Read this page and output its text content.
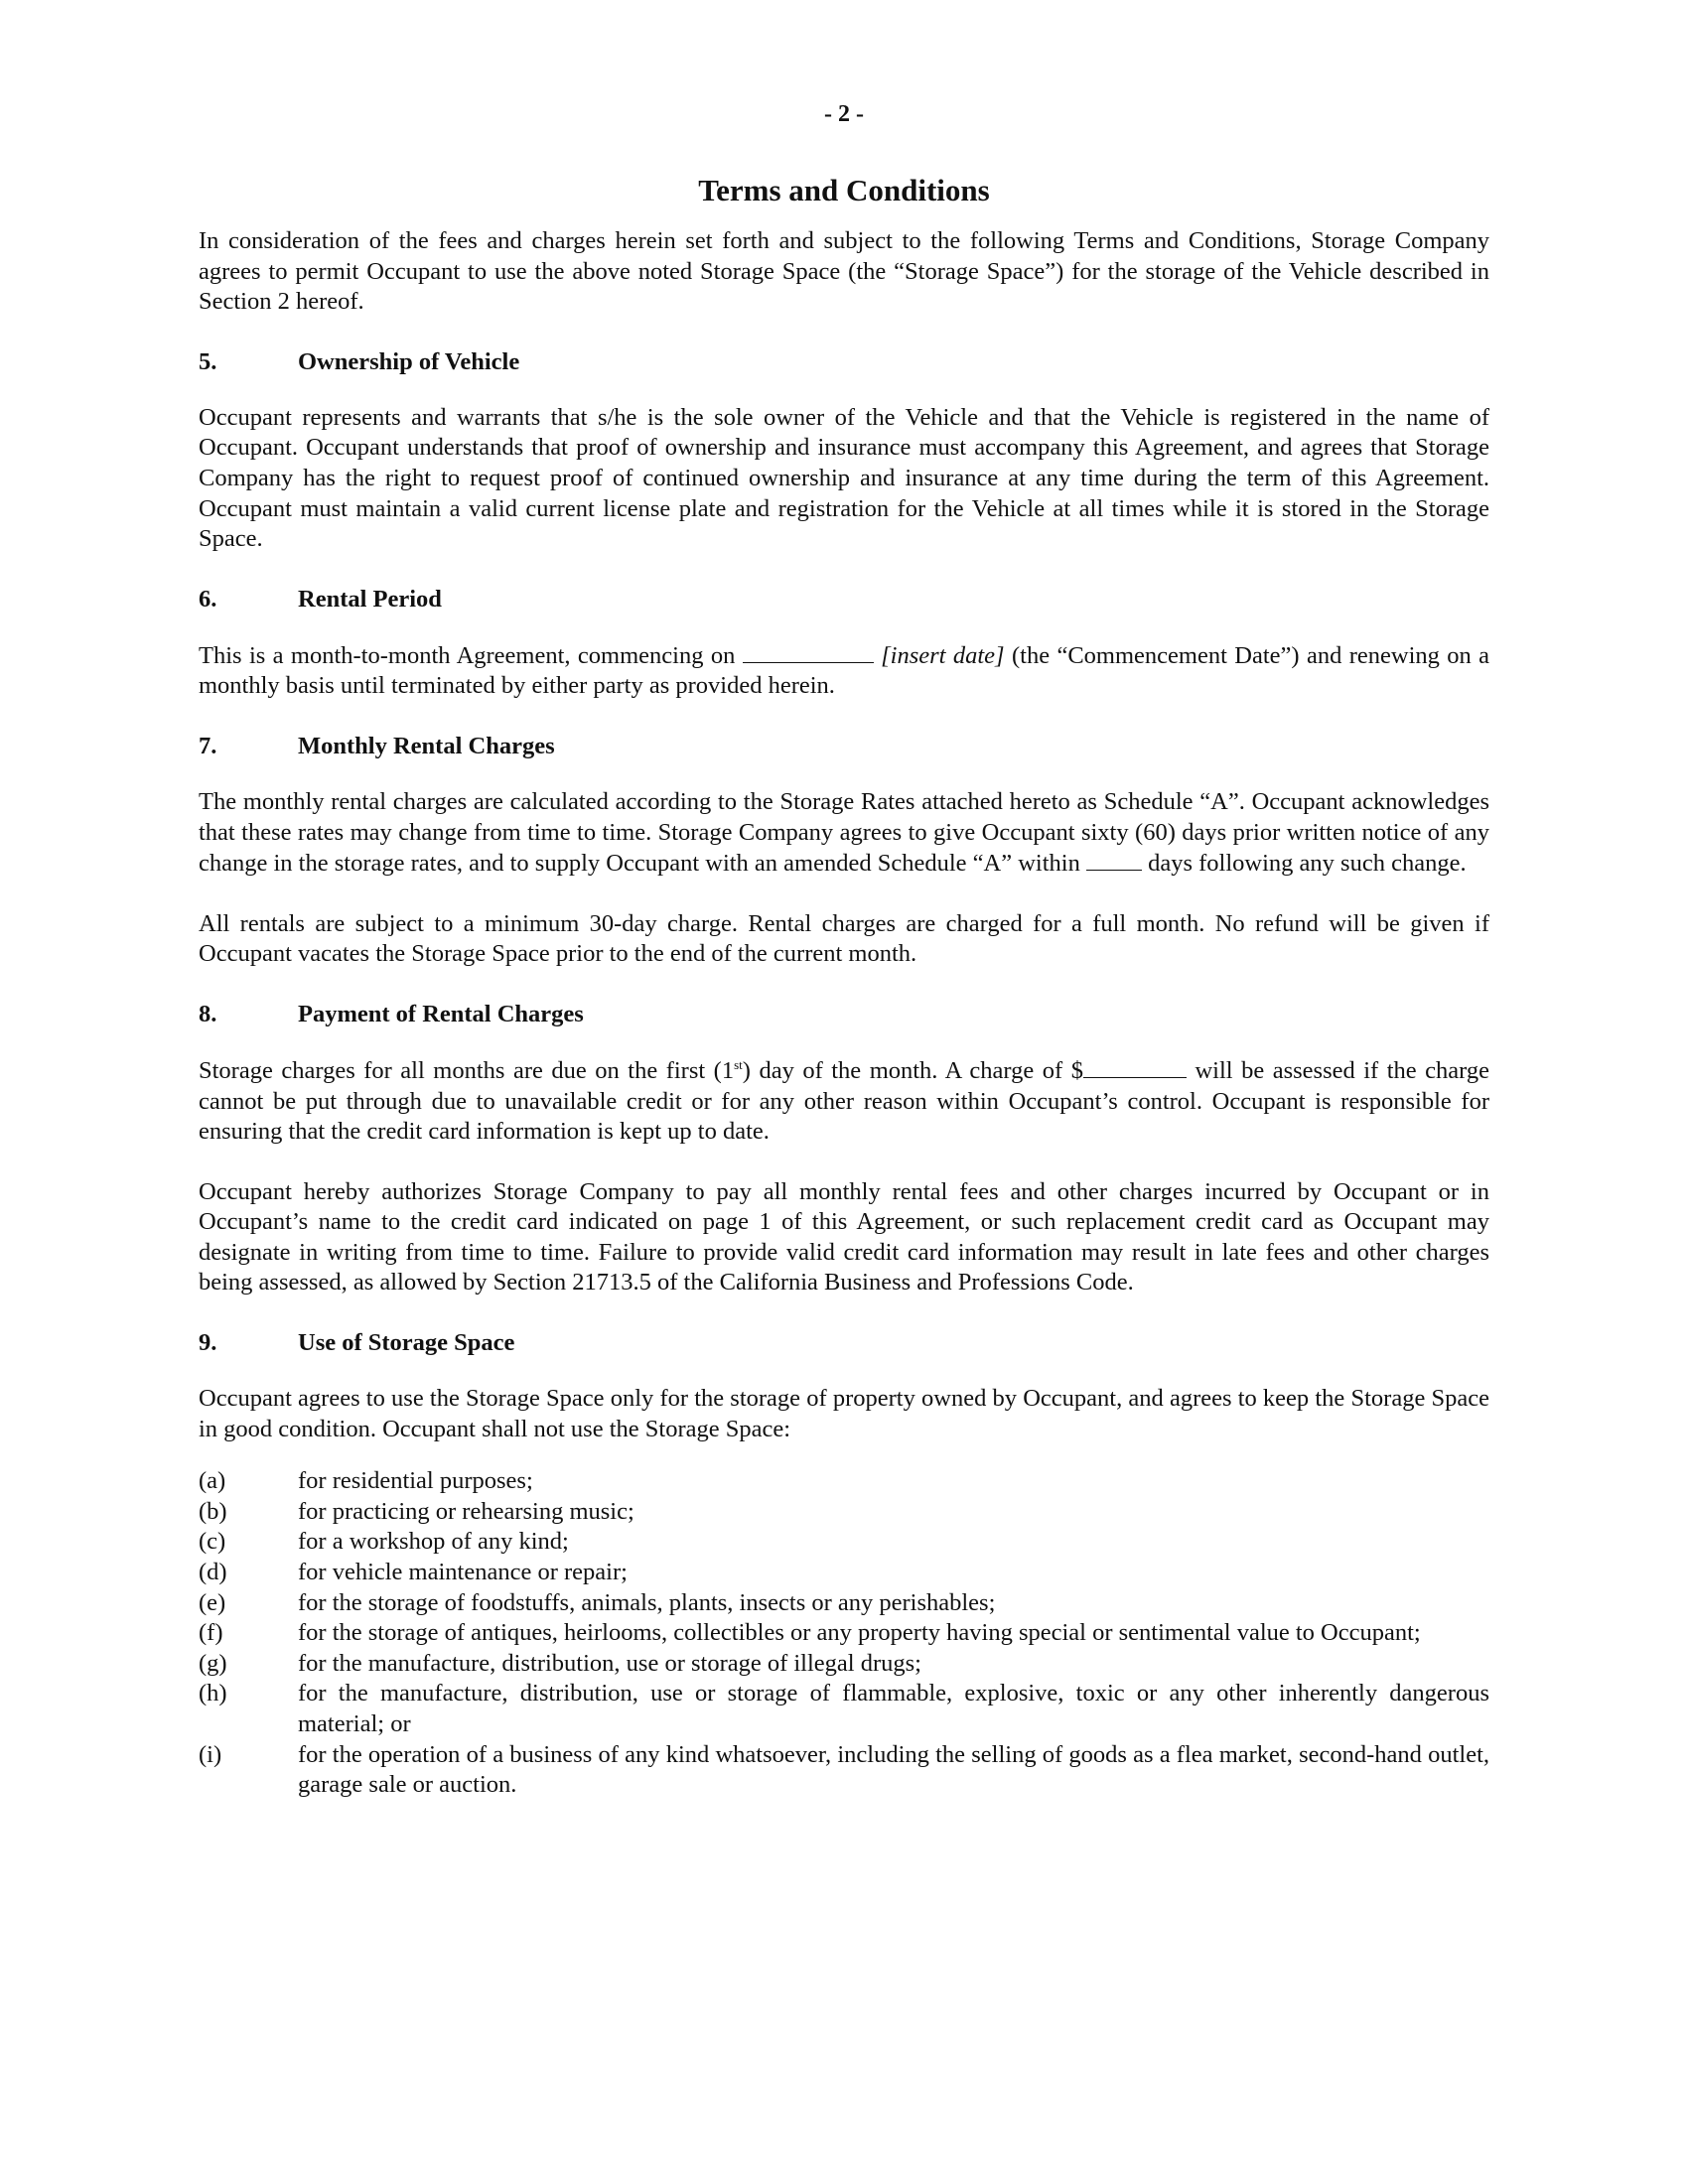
- 2 -
Terms and Conditions

In consideration of the fees and charges herein set forth and subject to the following Terms and Conditions, Storage Company agrees to permit Occupant to use the above noted Storage Space (the “Storage Space”) for the storage of the Vehicle described in Section 2 hereof.

5.	Ownership of Vehicle

Occupant represents and warrants that s/he is the sole owner of the Vehicle and that the Vehicle is registered in the name of Occupant. Occupant understands that proof of ownership and insurance must accompany this Agreement, and agrees that Storage Company has the right to request proof of continued ownership and insurance at any time during the term of this Agreement. Occupant must maintain a valid current license plate and registration for the Vehicle at all times while it is stored in the Storage Space.

6.	Rental Period

This is a month-to-month Agreement, commencing on	[insert date] (the “Commencement Date”) and renewing on a monthly basis until terminated by either party as provided herein.

7.	Monthly Rental Charges

The monthly rental charges are calculated according to the Storage Rates attached hereto as Schedule “A”. Occupant acknowledges that these rates may change from time to time. Storage Company agrees to give Occupant sixty (60) days prior written notice of any change in the storage rates, and to supply Occupant with an amended Schedule “A” within	days following any such change.

All rentals are subject to a minimum 30-day charge. Rental charges are charged for a full month. No refund will be given if Occupant vacates the Storage Space prior to the end of the current month.

8.	Payment of Rental Charges

Storage charges for all months are due on the first (1st) day of the month. A charge of $	will be assessed if the charge cannot be put through due to unavailable credit or for any other reason within Occupant’s control. Occupant is responsible for ensuring that the credit card information is kept up to date.

Occupant hereby authorizes Storage Company to pay all monthly rental fees and other charges incurred by Occupant or in Occupant’s name to the credit card indicated on page 1 of this Agreement, or such replacement credit card as Occupant may designate in writing from time to time. Failure to provide valid credit card information may result in late fees and other charges being assessed, as allowed by Section 21713.5 of the California Business and Professions Code.

9.	Use of Storage Space

Occupant agrees to use the Storage Space only for the storage of property owned by Occupant, and agrees to keep the Storage Space in good condition. Occupant shall not use the Storage Space:

(a)	for residential purposes;
(b)	for practicing or rehearsing music;
(c)	for a workshop of any kind;
(d)	for vehicle maintenance or repair;
(e)	for the storage of foodstuffs, animals, plants, insects or any perishables;
(f)	for the storage of antiques, heirlooms, collectibles or any property having special or sentimental value to Occupant;
(g)	for the manufacture, distribution, use or storage of illegal drugs;
(h)	for the manufacture, distribution, use or storage of flammable, explosive, toxic or any other inherently dangerous material; or
(i)	for the operation of a business of any kind whatsoever, including the selling of goods as a flea market, second-hand outlet, garage sale or auction.
